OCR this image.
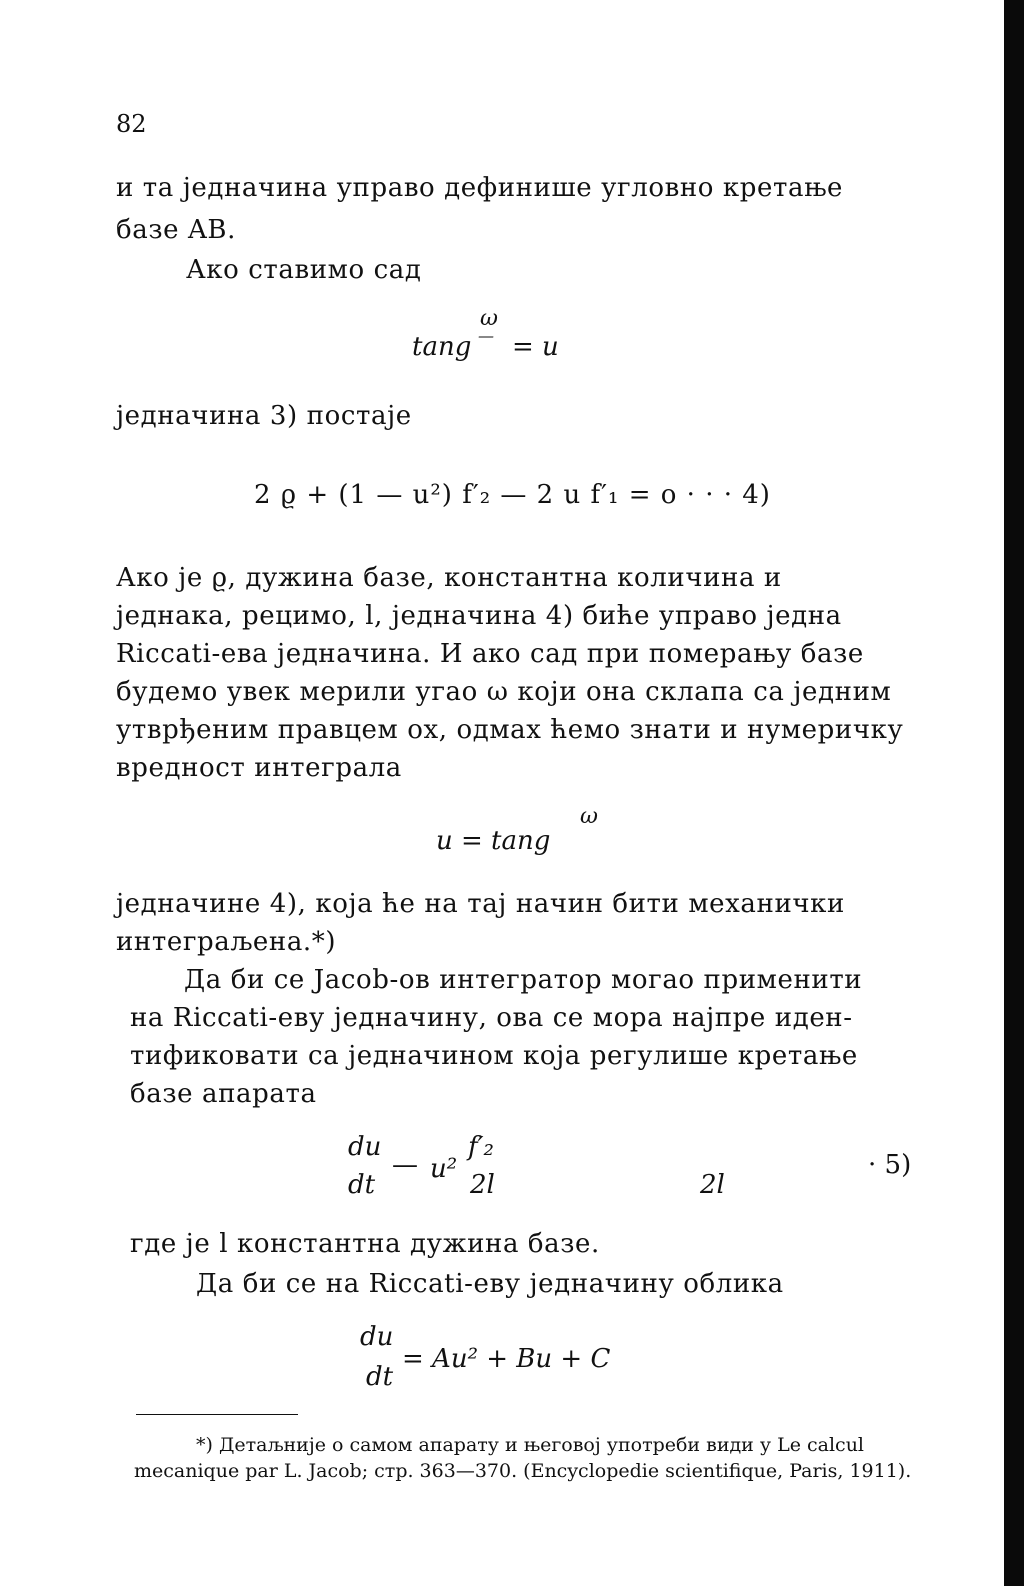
82
и та једначина управо дефинише угловно кретање
базе AB.
Ако ставимо сад
ω
tang — = u
једначина 3) постаје
2 ϱ + (1 — u²) f′₂ — 2 u f′₁ = o · · · 4)
Ако је ϱ, дужина базе, константна количина и
једнака, рецимо, l, једначина 4) биће управо једна
Riccati-ева једначина. И ако сад при померању базе
будемо увек мерили угао ω који она склапа са једним
утврђеним правцем ox, одмах ћемо знати и нумеричку
вредност интеграла
ω
u = tang
једначине 4), која ће на тај начин бити механички
интеграљена.*)
Да би се Jacob-ов интегратор могао применити
на Riccati-еву једначину, ова се мора најпре иден-
тификовати са једначином која регулише кретање
базе апарата
du
dt
— u²
f′₂
2l	2l
· 5)
где је l константна дужина базе.
Да би се на Riccati-еву једначину облика
du
dt
= Au² + Bu + C
*) Детаљније о самом апарату и његовој употреби види у Le calcul
mecanique par L. Jacob; стр. 363—370. (Encyclopedie scientifique, Paris, 1911).
